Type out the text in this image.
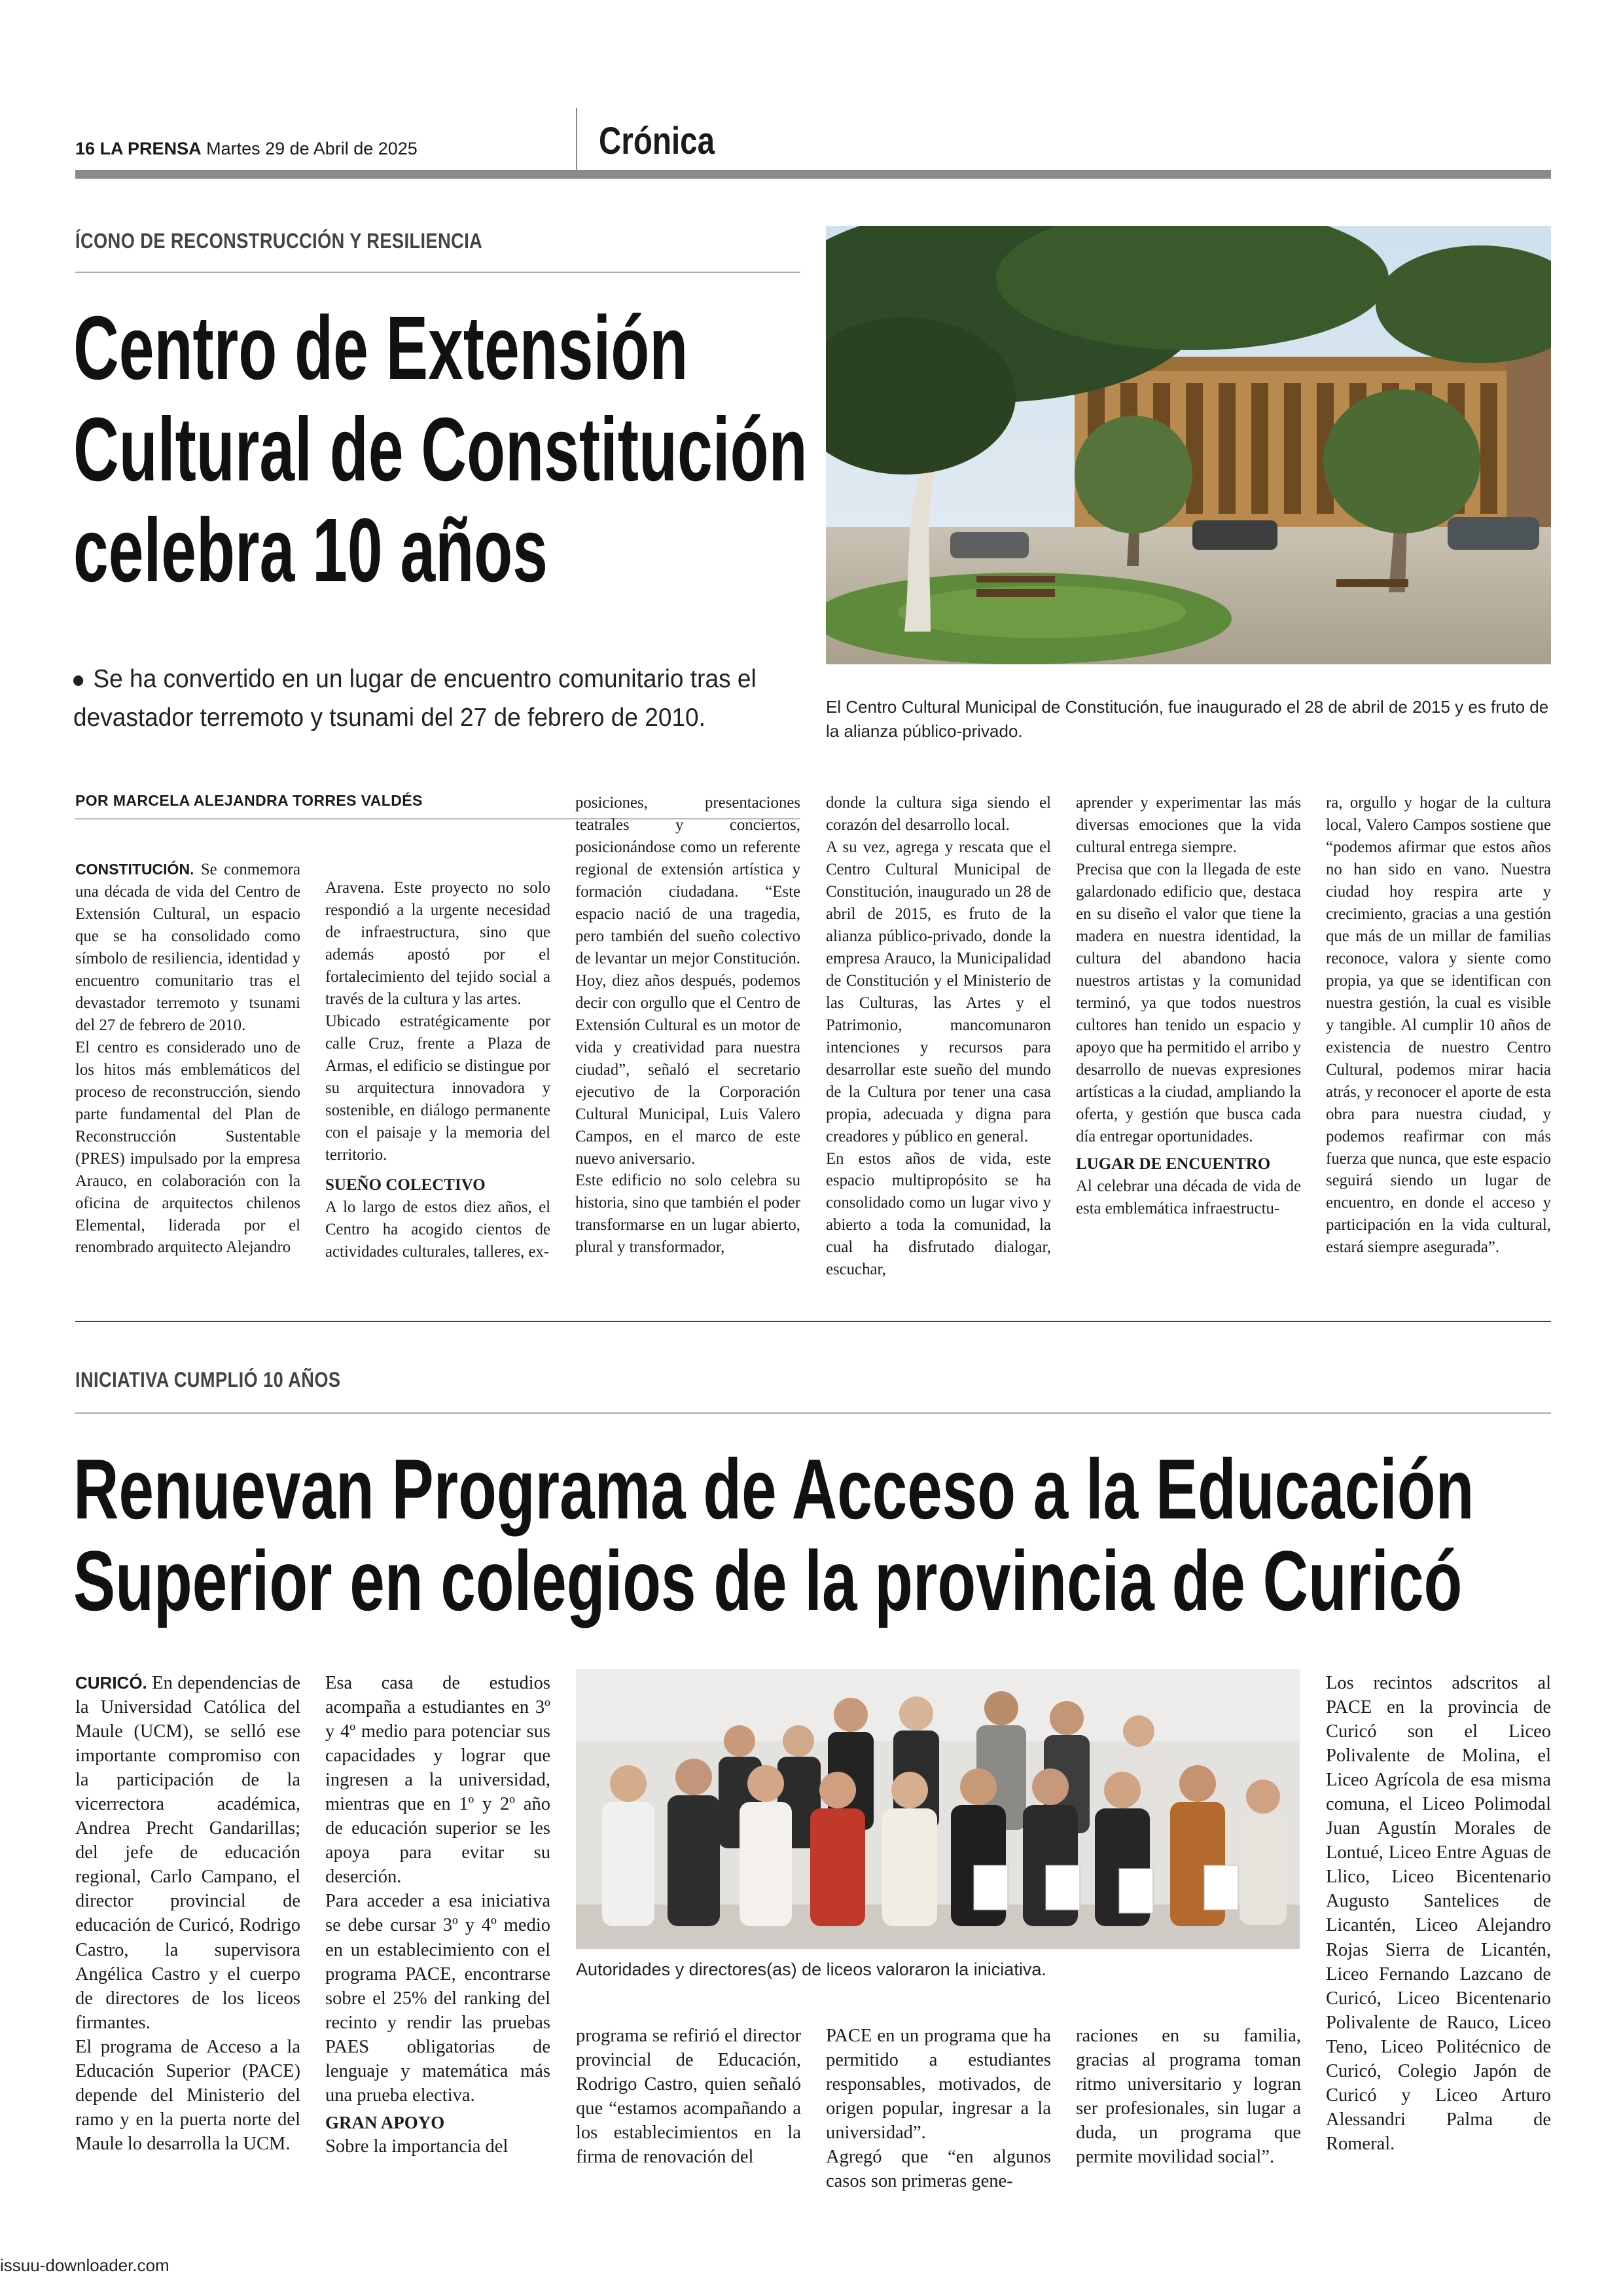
16 LA PRENSA Martes 29 de Abril de 2025	Crónica
ÍCONO DE RECONSTRUCCIÓN Y RESILIENCIA
Centro de Extensión
Cultural de Constitución
celebra 10 años
Se ha convertido en un lugar de encuentro comunitario tras el devastador terremoto y tsunami del 27 de febrero de 2010.	El Centro Cultural Municipal de Constitución, fue inaugurado el 28 de abril de 2015 y es fruto de la alianza público-privado.
POR MARCELA ALEJANDRA TORRES VALDÉS

CONSTITUCIÓN. Se conmemora una década de vida del Centro de Extensión Cultural, un espacio que se ha consolidado como símbolo de resiliencia, identidad y encuentro comunitario tras el devastador terremoto y tsunami del 27 de febrero de 2010.

El centro es considerado uno de los hitos más emblemáticos del proceso de reconstrucción, siendo parte fundamental del Plan de Reconstrucción Sustentable (PRES) impulsado por la empresa Arauco, en colaboración con la oficina de arquitectos chilenos Elemental, liderada por el renombrado arquitecto Alejandro

Aravena. Este proyecto no solo respondió a la urgente necesidad de infraestructura, sino que además apostó por el fortalecimiento del tejido social a través de la cultura y las artes.

Ubicado estratégicamente por calle Cruz, frente a Plaza de Armas, el edificio se distingue por su arquitectura innovadora y sostenible, en diálogo permanente con el paisaje y la memoria del territorio.

SUEÑO COLECTIVO

A lo largo de estos diez años, el Centro ha acogido cientos de actividades culturales, talleres, ex-

posiciones, presentaciones teatrales y conciertos, posicionándose como un referente regional de extensión artística y formación ciudadana. “Este espacio nació de una tragedia, pero también del sueño colectivo de levantar un mejor Constitución. Hoy, diez años después, podemos decir con orgullo que el Centro de Extensión Cultural es un motor de vida y creatividad para nuestra ciudad”, señaló el secretario ejecutivo de la Corporación Cultural Municipal, Luis Valero Campos, en el marco de este nuevo aniversario.

Este edificio no solo celebra su historia, sino que también el poder transformarse en un lugar abierto, plural y transformador,

donde la cultura siga siendo el corazón del desarrollo local.

A su vez, agrega y rescata que el Centro Cultural Municipal de Constitución, inaugurado un 28 de abril de 2015, es fruto de la alianza público-privado, donde la empresa Arauco, la Municipalidad de Constitución y el Ministerio de las Culturas, las Artes y el Patrimonio, mancomunaron intenciones y recursos para desarrollar este sueño del mundo de la Cultura por tener una casa propia, adecuada y digna para creadores y público en general.

En estos años de vida, este espacio multipropósito se ha consolidado como un lugar vivo y abierto a toda la comunidad, la cual ha disfrutado dialogar, escuchar,

aprender y experimentar las más diversas emociones que la vida cultural entrega siempre.

Precisa que con la llegada de este galardonado edificio que, destaca en su diseño el valor que tiene la madera en nuestra identidad, la cultura del abandono hacia nuestros artistas y la comunidad terminó, ya que todos nuestros cultores han tenido un espacio y apoyo que ha permitido el arribo y desarrollo de nuevas expresiones artísticas a la ciudad, ampliando la oferta, y gestión que busca cada día entregar oportunidades.

LUGAR DE ENCUENTRO

Al celebrar una década de vida de esta emblemática infraestructu-

ra, orgullo y hogar de la cultura local, Valero Campos sostiene que “podemos afirmar que estos años no han sido en vano. Nuestra ciudad hoy respira arte y crecimiento, gracias a una gestión que más de un millar de familias reconoce, valora y siente como propia, ya que se identifican con nuestra gestión, la cual es visible y tangible. Al cumplir 10 años de existencia de nuestro Centro Cultural, podemos mirar hacia atrás, y reconocer el aporte de esta obra para nuestra ciudad, y podemos reafirmar con más fuerza que nunca, que este espacio seguirá siendo un lugar de encuentro, en donde el acceso y participación en la vida cultural, estará siempre asegurada”.

INICIATIVA CUMPLIÓ 10 AÑOS
Renuevan Programa de Acceso a la Educación
Superior en colegios de la provincia de Curicó

CURICÓ. En dependencias de la Universidad Católica del Maule (UCM), se selló ese importante compromiso con la participación de la vicerrectora académica, Andrea Precht Gandarillas; del jefe de educación regional, Carlo Campano, el director provincial de educación de Curicó, Rodrigo Castro, la supervisora Angélica Castro y el cuerpo de directores de los liceos firmantes.

El programa de Acceso a la Educación Superior (PACE) depende del Ministerio del ramo y en la puerta norte del Maule lo desarrolla la UCM.

Esa casa de estudios acompaña a estudiantes en 3º y 4º medio para potenciar sus capacidades y lograr que ingresen a la universidad, mientras que en 1º y 2º año de educación superior se les apoya para evitar su deserción.

Para acceder a esa iniciativa se debe cursar 3º y 4º medio en un establecimiento con el programa PACE, encontrarse sobre el 25% del ranking del recinto y rendir las pruebas PAES obligatorias de lenguaje y matemática más una prueba electiva.

GRAN APOYO

Sobre la importancia del

Autoridades y directores(as) de liceos valoraron la iniciativa.

programa se refirió el director provincial de Educación, Rodrigo Castro, quien señaló que “estamos acompañando a los establecimientos en la firma de renovación del

PACE en un programa que ha permitido a estudiantes responsables, motivados, de origen popular, ingresar a la universidad”.

Agregó que “en algunos casos son primeras gene-

raciones en su familia, gracias al programa toman ritmo universitario y logran ser profesionales, sin lugar a duda, un programa que permite movilidad social”.

Los recintos adscritos al PACE en la provincia de Curicó son el Liceo Polivalente de Molina, el Liceo Agrícola de esa misma comuna, el Liceo Polimodal Juan Agustín Morales de Lontué, Liceo Entre Aguas de Llico, Liceo Bicentenario Augusto Santelices de Licantén, Liceo Alejandro Rojas Sierra de Licantén, Liceo Fernando Lazcano de Curicó, Liceo Bicentenario Polivalente de Rauco, Liceo Teno, Liceo Politécnico de Curicó, Colegio Japón de Curicó y Liceo Arturo Alessandri Palma de Romeral.

issuu-downloader.com
